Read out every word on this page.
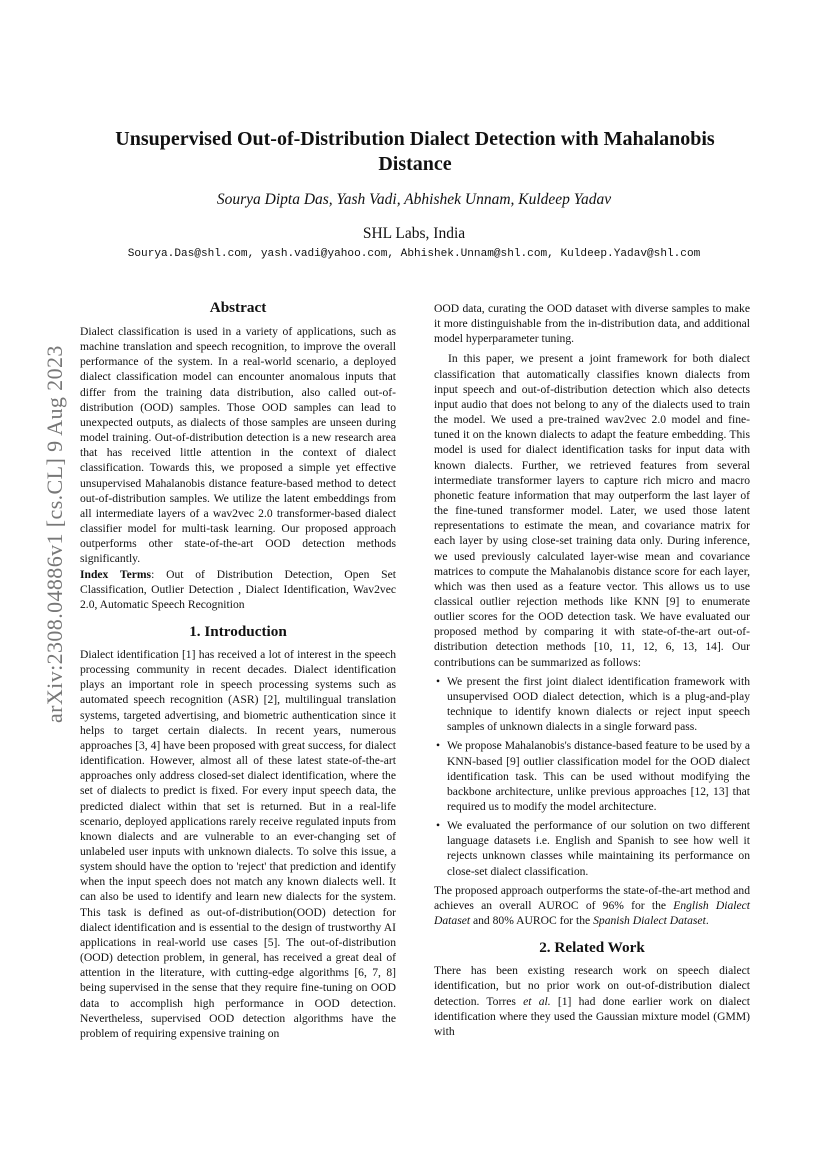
arXiv:2308.04886v1 [cs.CL] 9 Aug 2023
Unsupervised Out-of-Distribution Dialect Detection with Mahalanobis Distance
Sourya Dipta Das, Yash Vadi, Abhishek Unnam, Kuldeep Yadav
SHL Labs, India
Sourya.Das@shl.com, yash.vadi@yahoo.com, Abhishek.Unnam@shl.com, Kuldeep.Yadav@shl.com
Abstract

Dialect classification is used in a variety of applications, such as machine translation and speech recognition, to improve the overall performance of the system. In a real-world scenario, a deployed dialect classification model can encounter anomalous inputs that differ from the training data distribution, also called out-of-distribution (OOD) samples. Those OOD samples can lead to unexpected outputs, as dialects of those samples are unseen during model training. Out-of-distribution detection is a new research area that has received little attention in the context of dialect classification. Towards this, we proposed a simple yet effective unsupervised Mahalanobis distance feature-based method to detect out-of-distribution samples. We utilize the latent embeddings from all intermediate layers of a wav2vec 2.0 transformer-based dialect classifier model for multi-task learning. Our proposed approach outperforms other state-of-the-art OOD detection methods significantly.

Index Terms: Out of Distribution Detection, Open Set Classification, Outlier Detection , Dialect Identification, Wav2vec 2.0, Automatic Speech Recognition

1. Introduction

Dialect identification [1] has received a lot of interest in the speech processing community in recent decades. Dialect identification plays an important role in speech processing systems such as automated speech recognition (ASR) [2], multilingual translation systems, targeted advertising, and biometric authentication since it helps to target certain dialects. In recent years, numerous approaches [3, 4] have been proposed with great success, for dialect identification. However, almost all of these latest state-of-the-art approaches only address closed-set dialect identification, where the set of dialects to predict is fixed. For every input speech data, the predicted dialect within that set is returned. But in a real-life scenario, deployed applications rarely receive regulated inputs from known dialects and are vulnerable to an ever-changing set of unlabeled user inputs with unknown dialects. To solve this issue, a system should have the option to 'reject' that prediction and identify when the input speech does not match any known dialects well. It can also be used to identify and learn new dialects for the system. This task is defined as out-of-distribution(OOD) detection for dialect identification and is essential to the design of trustworthy AI applications in real-world use cases [5]. The out-of-distribution (OOD) detection problem, in general, has received a great deal of attention in the literature, with cutting-edge algorithms [6, 7, 8] being supervised in the sense that they require fine-tuning on OOD data to accomplish high performance in OOD detection. Nevertheless, supervised OOD detection algorithms have the problem of requiring expensive training on

OOD data, curating the OOD dataset with diverse samples to make it more distinguishable from the in-distribution data, and additional model hyperparameter tuning.

In this paper, we present a joint framework for both dialect classification that automatically classifies known dialects from input speech and out-of-distribution detection which also detects input audio that does not belong to any of the dialects used to train the model. We used a pre-trained wav2vec 2.0 model and fine-tuned it on the known dialects to adapt the feature embedding. This model is used for dialect identification tasks for input data with known dialects. Further, we retrieved features from several intermediate transformer layers to capture rich micro and macro phonetic feature information that may outperform the last layer of the fine-tuned transformer model. Later, we used those latent representations to estimate the mean, and covariance matrix for each layer by using close-set training data only. During inference, we used previously calculated layer-wise mean and covariance matrices to compute the Mahalanobis distance score for each layer, which was then used as a feature vector. This allows us to use classical outlier rejection methods like KNN [9] to enumerate outlier scores for the OOD detection task. We have evaluated our proposed method by comparing it with state-of-the-art out-of-distribution detection methods [10, 11, 12, 6, 13, 14]. Our contributions can be summarized as follows:

• We present the first joint dialect identification framework with unsupervised OOD dialect detection, which is a plug-and-play technique to identify known dialects or reject input speech samples of unknown dialects in a single forward pass.
• We propose Mahalanobis's distance-based feature to be used by a KNN-based [9] outlier classification model for the OOD dialect identification task. This can be used without modifying the backbone architecture, unlike previous approaches [12, 13] that required us to modify the model architecture.
• We evaluated the performance of our solution on two different language datasets i.e. English and Spanish to see how well it rejects unknown classes while maintaining its performance on close-set dialect classification.

The proposed approach outperforms the state-of-the-art method and achieves an overall AUROC of 96% for the English Dialect Dataset and 80% AUROC for the Spanish Dialect Dataset.

2. Related Work

There has been existing research work on speech dialect identification, but no prior work on out-of-distribution dialect detection. Torres et al. [1] had done earlier work on dialect identification where they used the Gaussian mixture model (GMM) with
